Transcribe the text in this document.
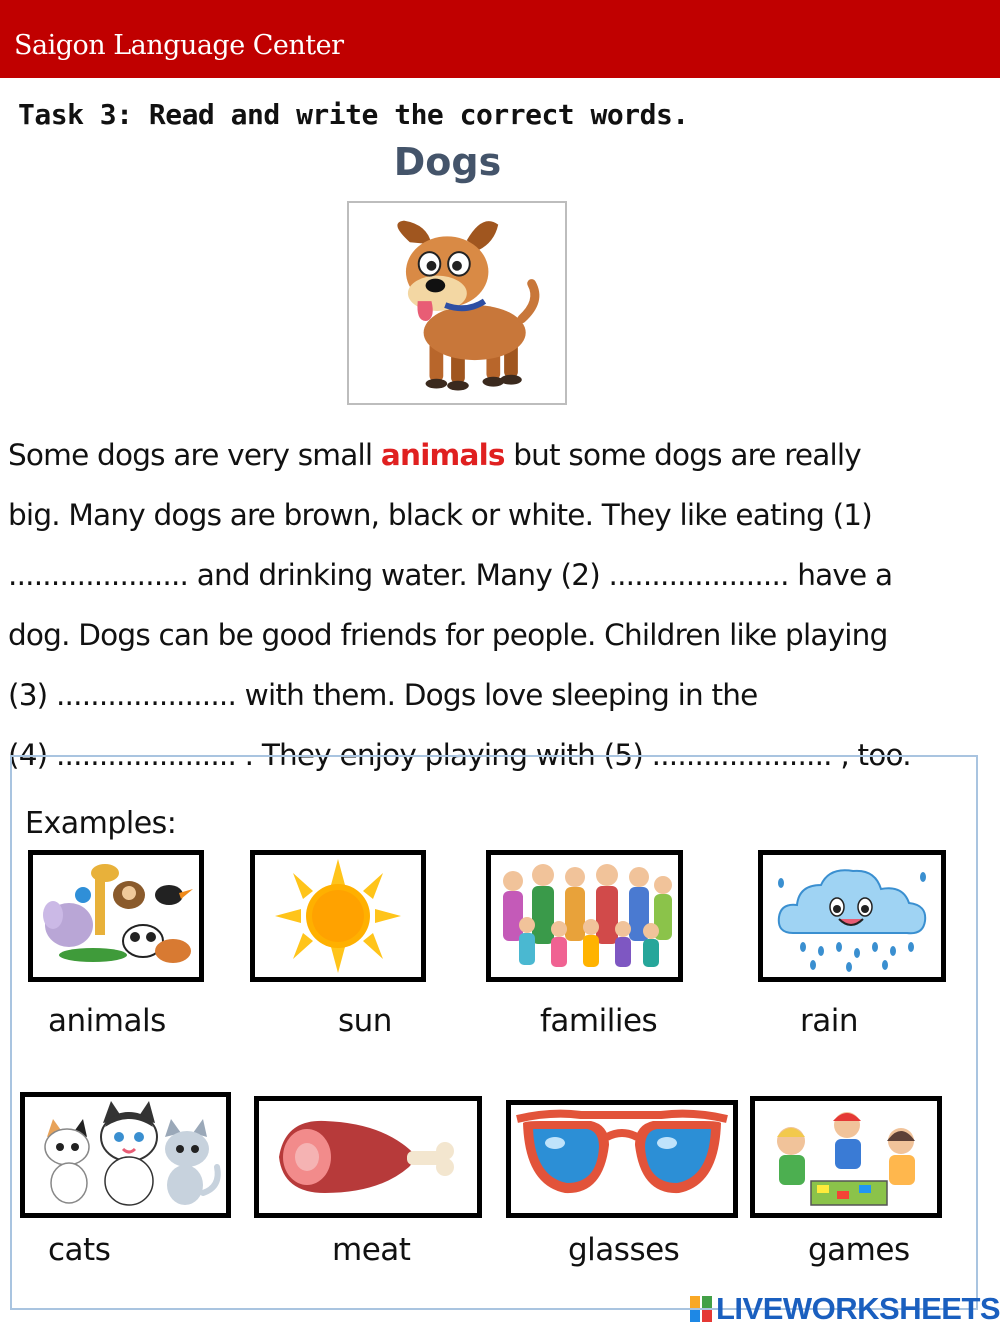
Saigon Language Center
Task 3: Read and write the correct words.
Dogs
Some dogs are very small animals but some dogs are really
big. Many dogs are brown, black or white. They like eating (1)
..................... and drinking water. Many (2) ..................... have a
dog. Dogs can be good friends for people. Children like playing
(3) ..................... with them. Dogs love sleeping in the
(4) ..................... . They enjoy playing with (5) ..................... , too.
Examples:
animals	sun	families	rain
cats	meat	glasses	games
LIVEWORKSHEETS
